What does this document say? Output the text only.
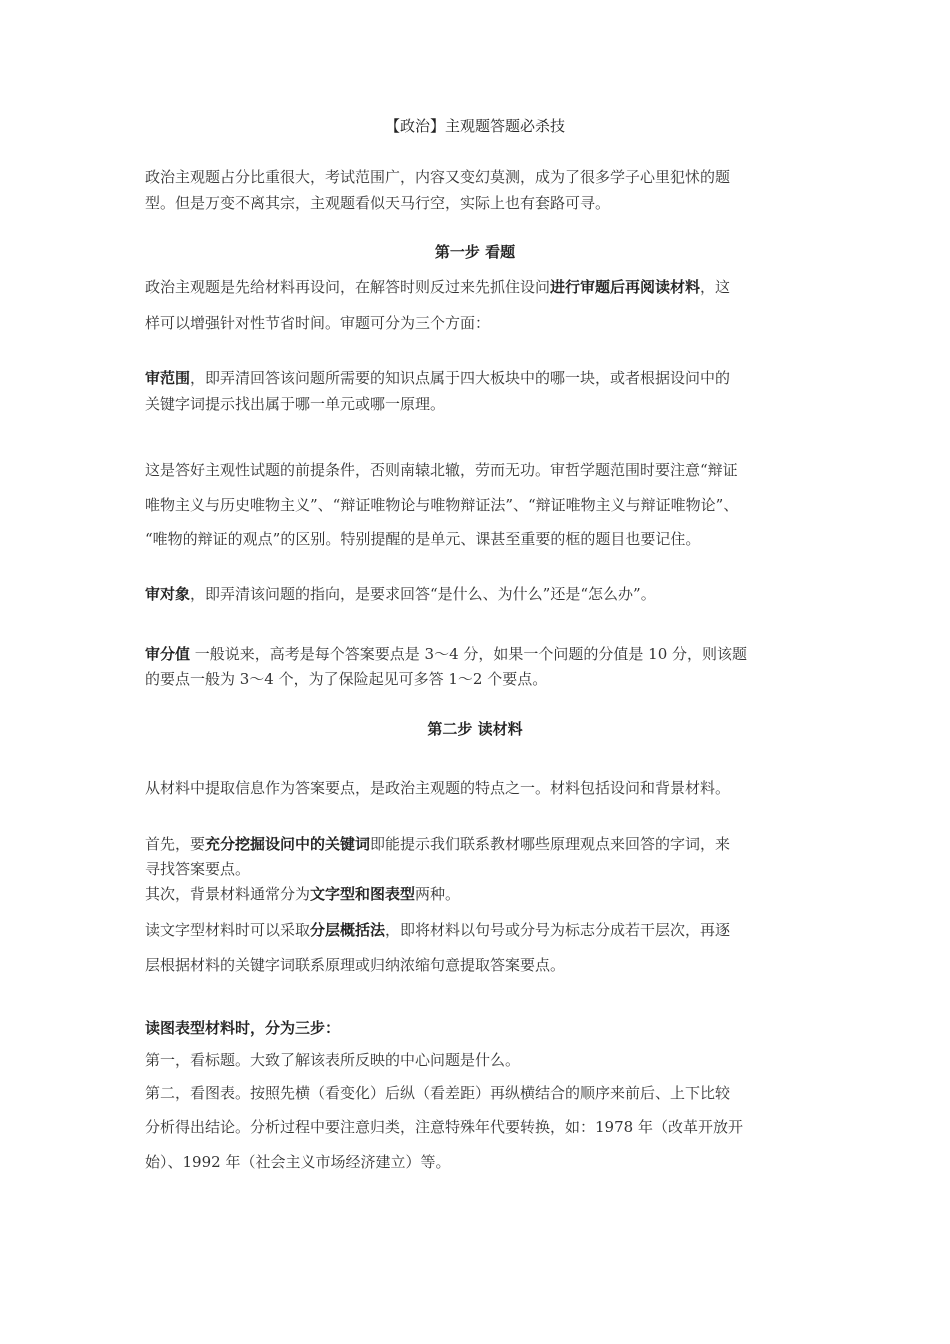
【政治】主观题答题必杀技
政治主观题占分比重很大，考试范围广，内容又变幻莫测，成为了很多学子心里犯怵的题
型。但是万变不离其宗，主观题看似天马行空，实际上也有套路可寻。
第一步 看题
政治主观题是先给材料再设问，在解答时则反过来先抓住设问进行审题后再阅读材料，这
样可以增强针对性节省时间。审题可分为三个方面：
审范围，即弄清回答该问题所需要的知识点属于四大板块中的哪一块，或者根据设问中的
关键字词提示找出属于哪一单元或哪一原理。
这是答好主观性试题的前提条件，否则南辕北辙，劳而无功。审哲学题范围时要注意“辩证
唯物主义与历史唯物主义”、“辩证唯物论与唯物辩证法”、“辩证唯物主义与辩证唯物论”、
“唯物的辩证的观点”的区别。特别提醒的是单元、课甚至重要的框的题目也要记住。
审对象，即弄清该问题的指向，是要求回答“是什么、为什么”还是“怎么办”。
审分值 一般说来，高考是每个答案要点是 3～4 分，如果一个问题的分值是 10 分，则该题
的要点一般为 3～4 个，为了保险起见可多答 1～2 个要点。
第二步 读材料
从材料中提取信息作为答案要点，是政治主观题的特点之一。材料包括设问和背景材料。
首先，要充分挖掘设问中的关键词即能提示我们联系教材哪些原理观点来回答的字词，来
寻找答案要点。
其次，背景材料通常分为文字型和图表型两种。
读文字型材料时可以采取分层概括法，即将材料以句号或分号为标志分成若干层次，再逐
层根据材料的关键字词联系原理或归纳浓缩句意提取答案要点。
读图表型材料时，分为三步：
第一，看标题。大致了解该表所反映的中心问题是什么。
第二，看图表。按照先横（看变化）后纵（看差距）再纵横结合的顺序来前后、上下比较
分析得出结论。分析过程中要注意归类，注意特殊年代要转换，如：1978 年（改革开放开
始）、1992 年（社会主义市场经济建立）等。
